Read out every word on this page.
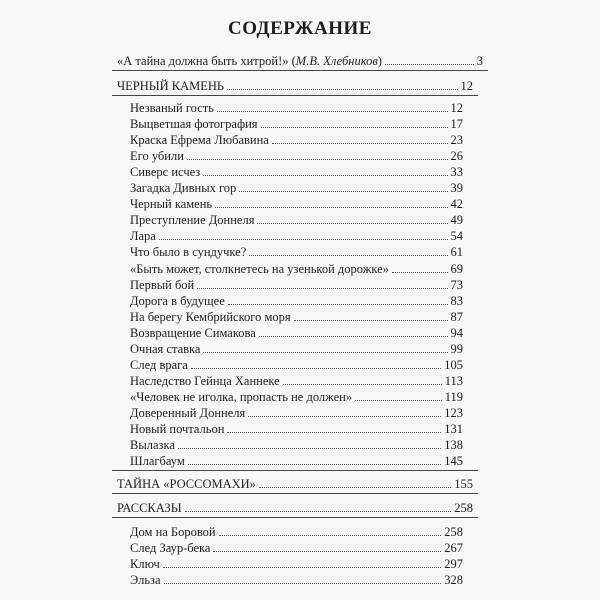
СОДЕРЖАНИЕ
«А тайна должна быть хитрой!» (М.В. Хлебников)	3
ЧЕРНЫЙ КАМЕНЬ	12
Незваный гость	12
Выцветшая фотография	17
Краска Ефрема Любавина	23
Его убили	26
Сиверс исчез	33
Загадка Дивных гор	39
Черный камень	42
Преступление Доннеля	49
Лара	54
Что было в сундучке?	61
«Быть может, столкнетесь на узенькой дорожке»	69
Первый бой	73
Дорога в будущее	83
На берегу Кембрийского моря	87
Возвращение Симакова	94
Очная ставка	99
След врага	105
Наследство Гейнца Ханнеке	113
«Человек не иголка, пропасть не должен»	119
Доверенный Доннеля	123
Новый почтальон	131
Вылазка	138
Шлагбаум	145
ТАЙНА «РОССОМАХИ»	155
РАССКАЗЫ	258
Дом на Боровой	258
След Заур-бека	267
Ключ	297
Эльза	328
